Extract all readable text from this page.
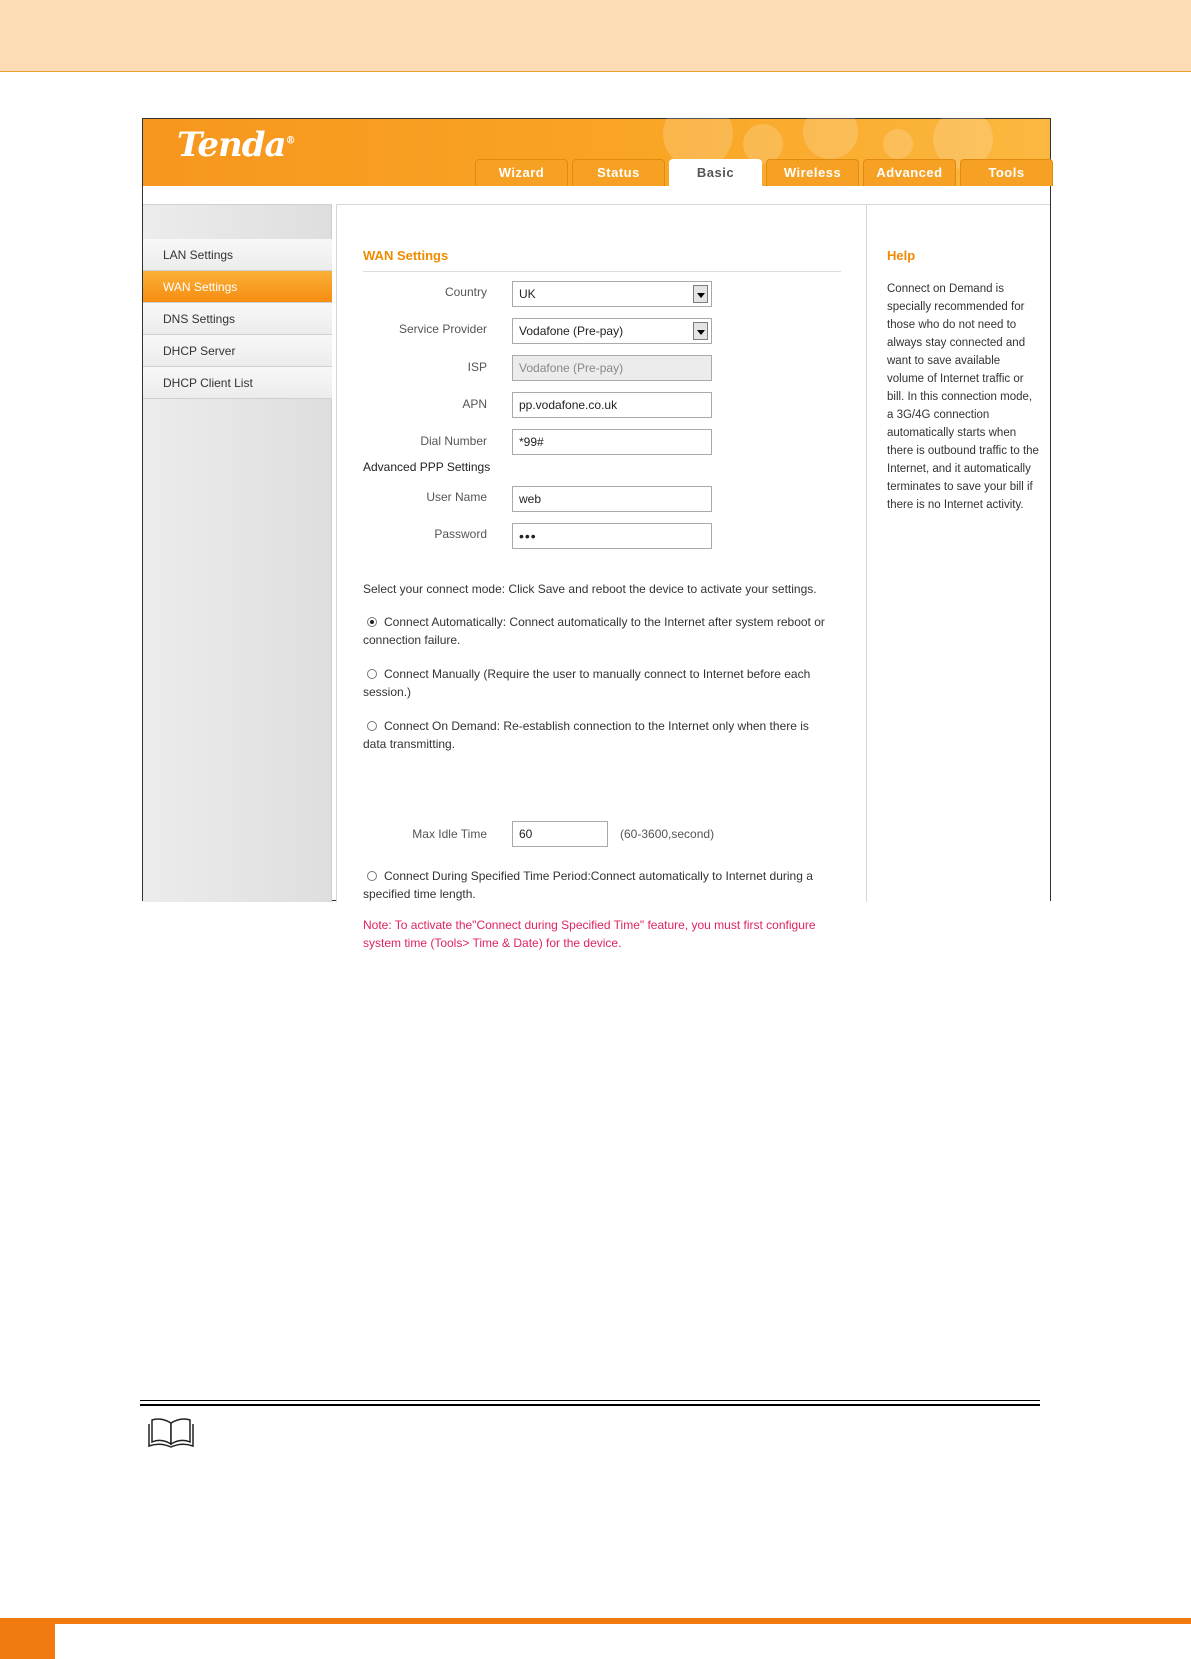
Tenda®
Wizard	Status	Basic	Wireless	Advanced	Tools
LAN Settings
WAN Settings
DNS Settings
DHCP Server
DHCP Client List
WAN Settings
Country	UK
Service Provider	Vodafone (Pre-pay)
ISP	Vodafone (Pre-pay)
APN	pp.vodafone.co.uk
Dial Number	*99#
Advanced PPP Settings
User Name	web
Password	•••
Select your connect mode: Click Save and reboot the device to activate your settings.
Connect Automatically: Connect automatically to the Internet after system reboot or connection failure.
Connect Manually (Require the user to manually connect to Internet before each session.)
Connect On Demand: Re-establish connection to the Internet only when there is data transmitting.
Max Idle Time	60	(60-3600,second)
Connect During Specified Time Period:Connect automatically to Internet during a specified time length.
Note: To activate the"Connect during Specified Time" feature, you must first configure system time (Tools> Time & Date) for the device.
Help
Connect on Demand is specially recommended for those who do not need to always stay connected and want to save available volume of Internet traffic or bill. In this connection mode, a 3G/4G connection automatically starts when there is outbound traffic to the Internet, and it automatically terminates to save your bill if there is no Internet activity.
